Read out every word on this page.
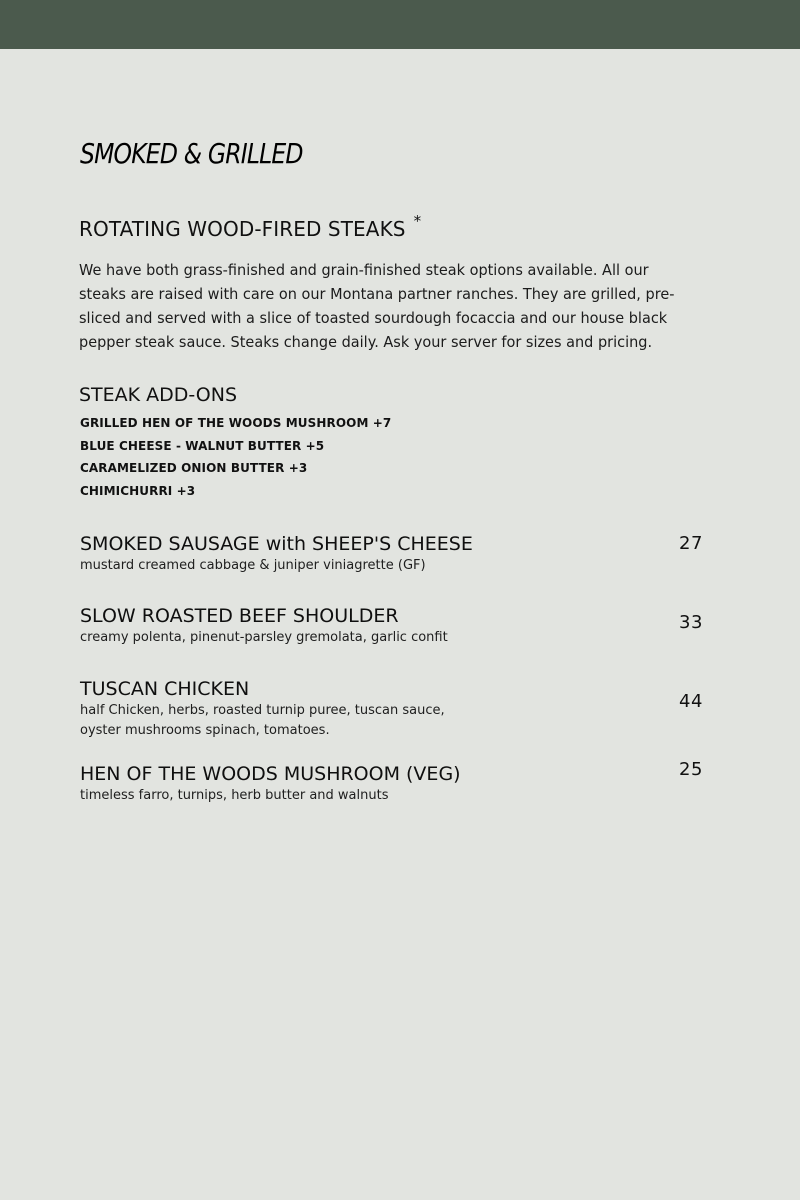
SMOKED & GRILLED
ROTATING WOOD-FIRED STEAKS *

We have both grass-finished and grain-finished steak options available. All our steaks are raised with care on our Montana partner ranches. They are grilled, pre-sliced and served with a slice of toasted sourdough focaccia and our house black pepper steak sauce. Steaks change daily. Ask your server for sizes and pricing.

STEAK ADD-ONS
GRILLED HEN OF THE WOODS MUSHROOM +7
BLUE CHEESE - WALNUT BUTTER +5
CARAMELIZED ONION BUTTER +3
CHIMICHURRI +3
SMOKED SAUSAGE with SHEEP'S CHEESE

mustard creamed cabbage & juniper viniagrette (GF)

27
SLOW ROASTED BEEF SHOULDER

creamy polenta, pinenut-parsley gremolata, garlic confit

33
TUSCAN CHICKEN

half Chicken, herbs, roasted turnip puree, tuscan sauce,
oyster mushrooms spinach, tomatoes.

44
HEN OF THE WOODS MUSHROOM (VEG)

timeless farro, turnips, herb butter and walnuts

25
